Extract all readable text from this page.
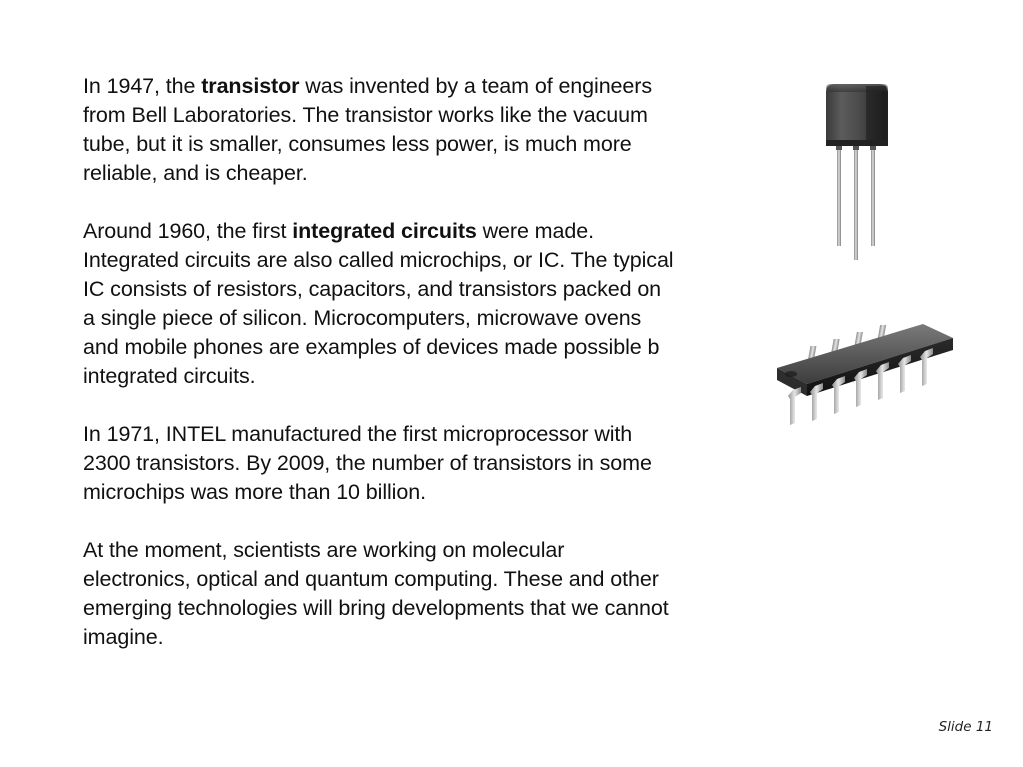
In 1947, the transistor was invented by a team of engineers
from Bell Laboratories. The transistor works like the vacuum
tube, but it is smaller, consumes less power, is much more
reliable, and is cheaper.

Around 1960, the first integrated circuits were made.
Integrated circuits are also called microchips, or IC. The typical
IC consists of resistors, capacitors, and transistors packed on
a single piece of silicon. Microcomputers, microwave ovens
and mobile phones are examples of devices made possible b
integrated circuits.

In 1971, INTEL manufactured the first microprocessor with
2300 transistors. By 2009, the number of transistors in some
microchips was more than 10 billion.

At the moment, scientists are working on molecular
electronics, optical and quantum computing. These and other
emerging technologies will bring developments that we cannot
imagine.

Slide 11
